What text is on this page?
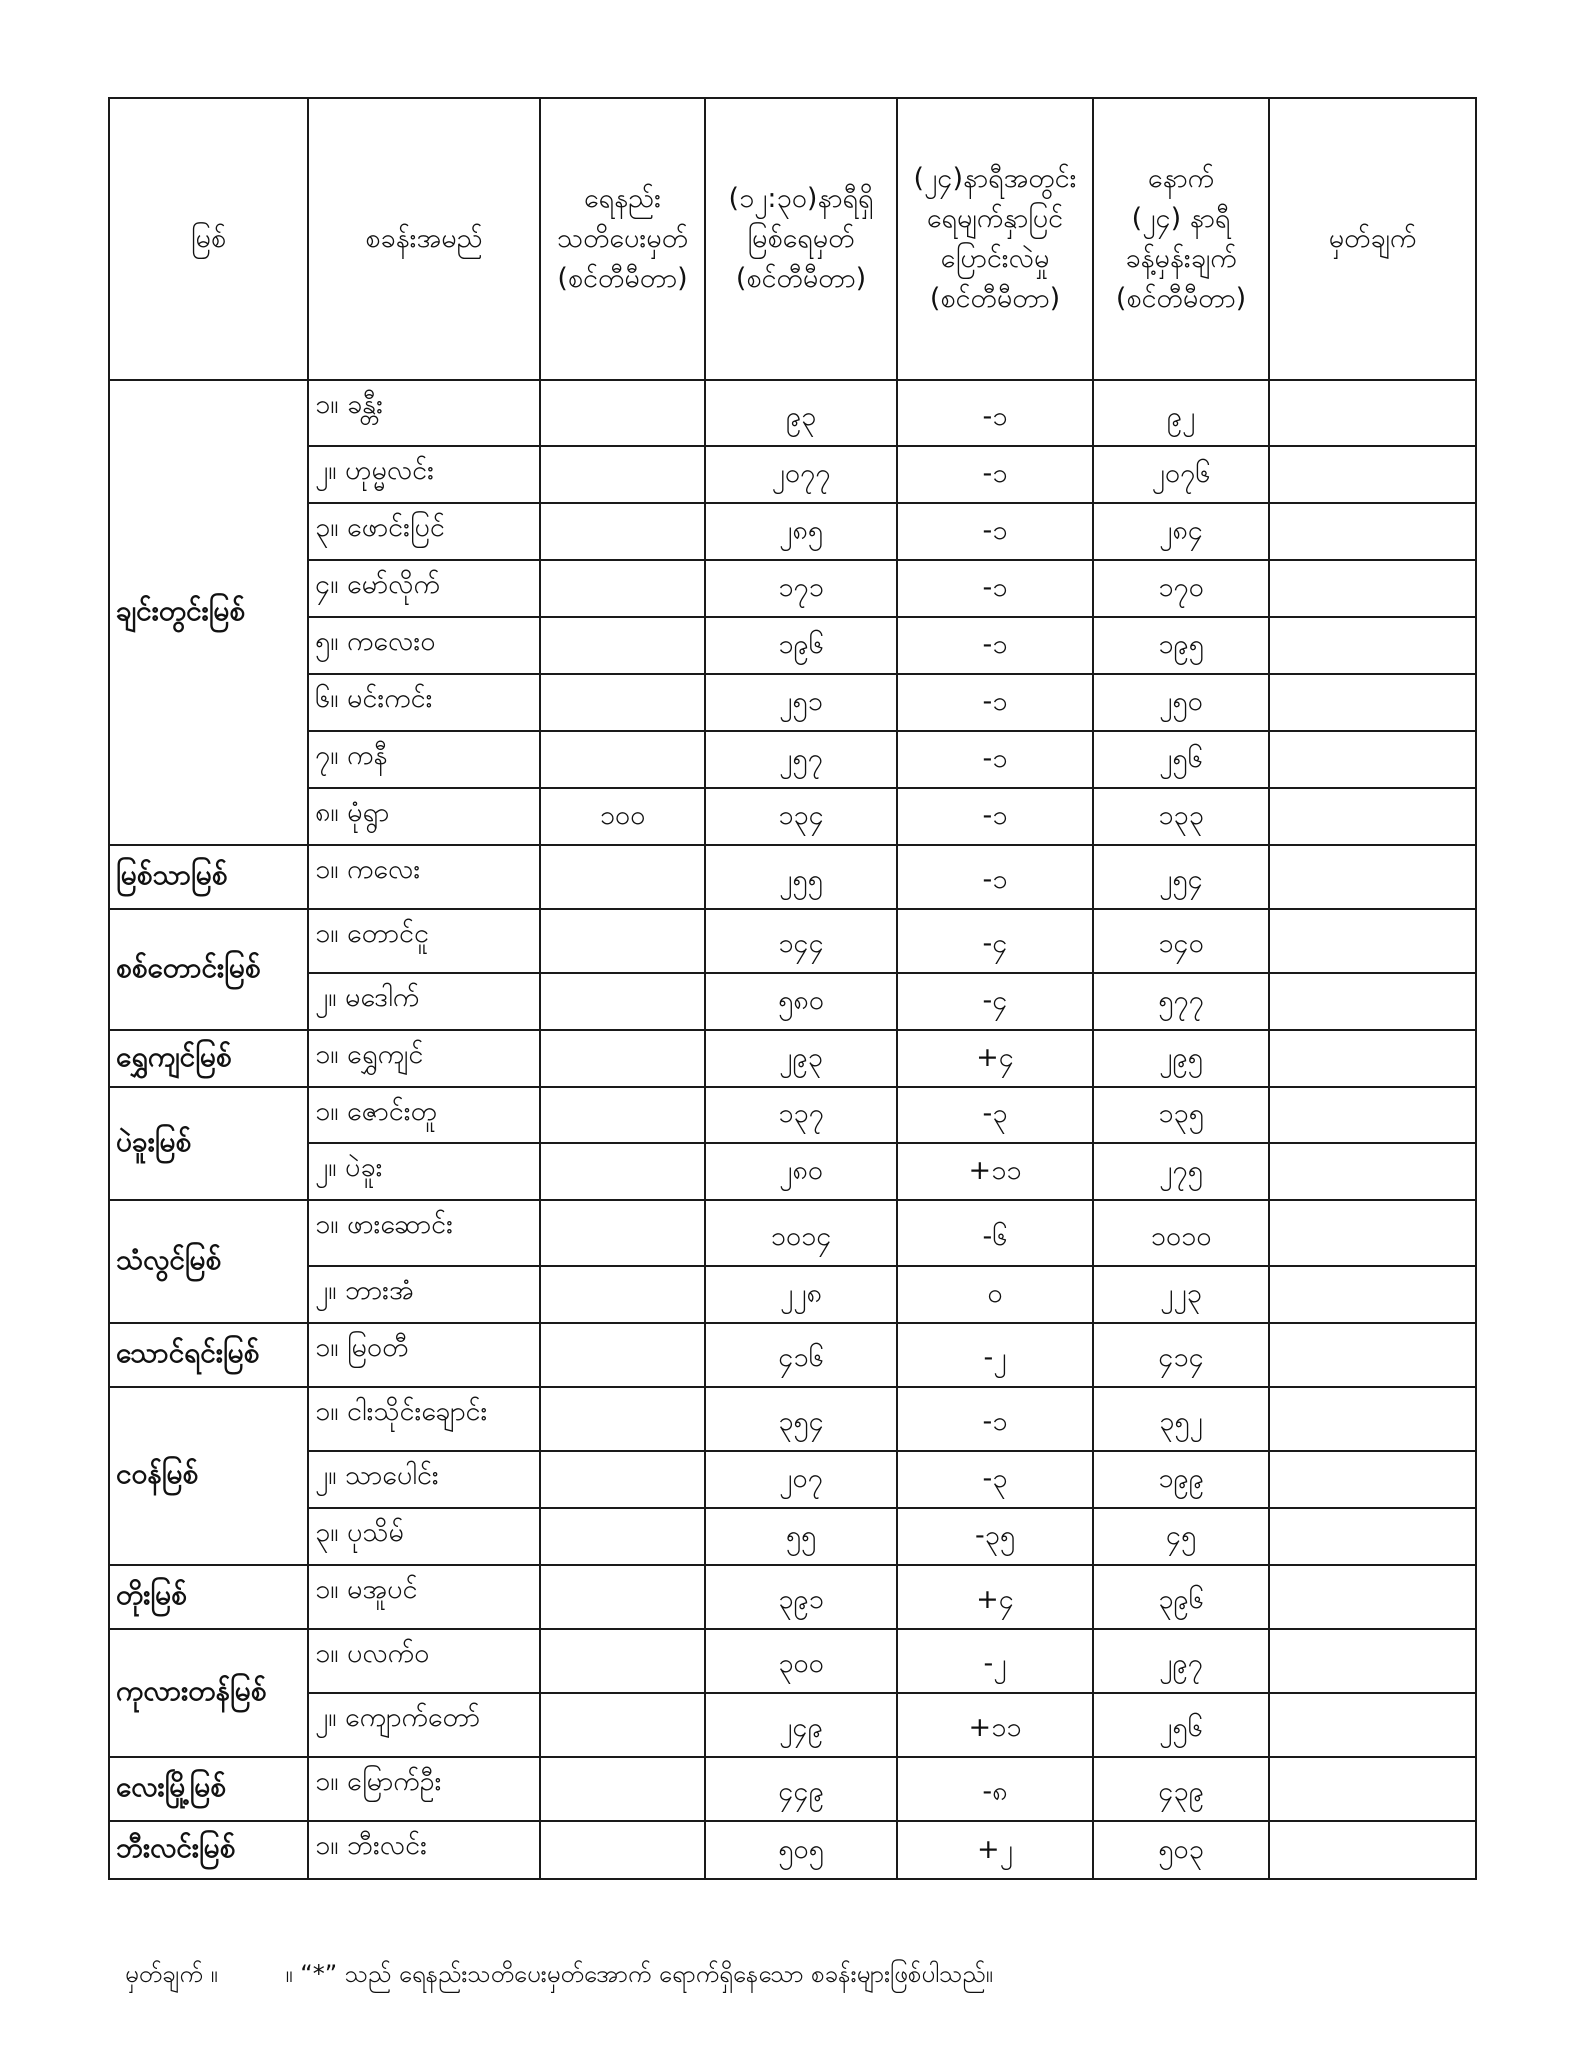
မြစ်	စခန်းအမည်	ရေနည်း
သတိပေးမှတ်
(စင်တီမီတာ)	(၁၂:၃၀)နာရီရှိ
မြစ်ရေမှတ်
(စင်တီမီတာ)	(၂၄)နာရီအတွင်း
ရေမျက်နှာပြင်
ပြောင်းလဲမှု
(စင်တီမီတာ)	နောက်
(၂၄) နာရီ
ခန့်မှန်းချက်
(စင်တီမီတာ)	မှတ်ချက်
ချင်းတွင်းမြစ်	၁။ ခန္တီး		၉၃	-၁	၉၂	
	၂။ ဟုမ္မလင်း		၂၀၇၇	-၁	၂၀၇၆	
	၃။ ဖောင်းပြင်		၂၈၅	-၁	၂၈၄	
	၄။ မော်လိုက်		၁၇၁	-၁	၁၇၀	
	၅။ ကလေးဝ		၁၉၆	-၁	၁၉၅	
	၆။ မင်းကင်း		၂၅၁	-၁	၂၅၀	
	၇။ ကနီ		၂၅၇	-၁	၂၅၆	
	၈။ မုံရွာ	၁၀၀	၁၃၄	-၁	၁၃၃	
မြစ်သာမြစ်	၁။ ကလေး		၂၅၅	-၁	၂၅၄	
စစ်တောင်းမြစ်	၁။ တောင်ငူ		၁၄၄	-၄	၁၄၀	
	၂။ မဒေါက်		၅၈၀	-၄	၅၇၇	
ရွှေကျင်မြစ်	၁။ ရွှေကျင်		၂၉၃	+၄	၂၉၅	
ပဲခူးမြစ်	၁။ ဇောင်းတူ		၁၃၇	-၃	၁၃၅	
	၂။ ပဲခူး		၂၈၀	+၁၁	၂၇၅	
သံလွင်မြစ်	၁။ ဖားဆောင်း		၁၀၁၄	-၆	၁၀၁၀	
	၂။ ဘားအံ		၂၂၈	၀	၂၂၃	
သောင်ရင်းမြစ်	၁။ မြဝတီ		၄၁၆	-၂	၄၁၄	
ငဝန်မြစ်	၁။ ငါးသိုင်းချောင်း		၃၅၄	-၁	၃၅၂	
	၂။ သာပေါင်း		၂၀၇	-၃	၁၉၉	
	၃။ ပုသိမ်		၅၅	-၃၅	၄၅	
တိုးမြစ်	၁။ မအူပင်		၃၉၁	+၄	၃၉၆	
ကုလားတန်မြစ်	၁။ ပလက်ဝ		၃၀၀	-၂	၂၉၇	
	၂။ ကျောက်တော်		၂၄၉	+၁၁	၂၅၆	
လေးမြို့မြစ်	၁။ မြောက်ဦး		၄၄၉	-၈	၄၃၉	
ဘီးလင်းမြစ်	၁။ ဘီးလင်း		၅၀၅	+၂	၅၀၃	
မှတ်ချက် ။	။ “*” သည် ရေနည်းသတိပေးမှတ်အောက် ရောက်ရှိနေသော စခန်းများဖြစ်ပါသည်။
